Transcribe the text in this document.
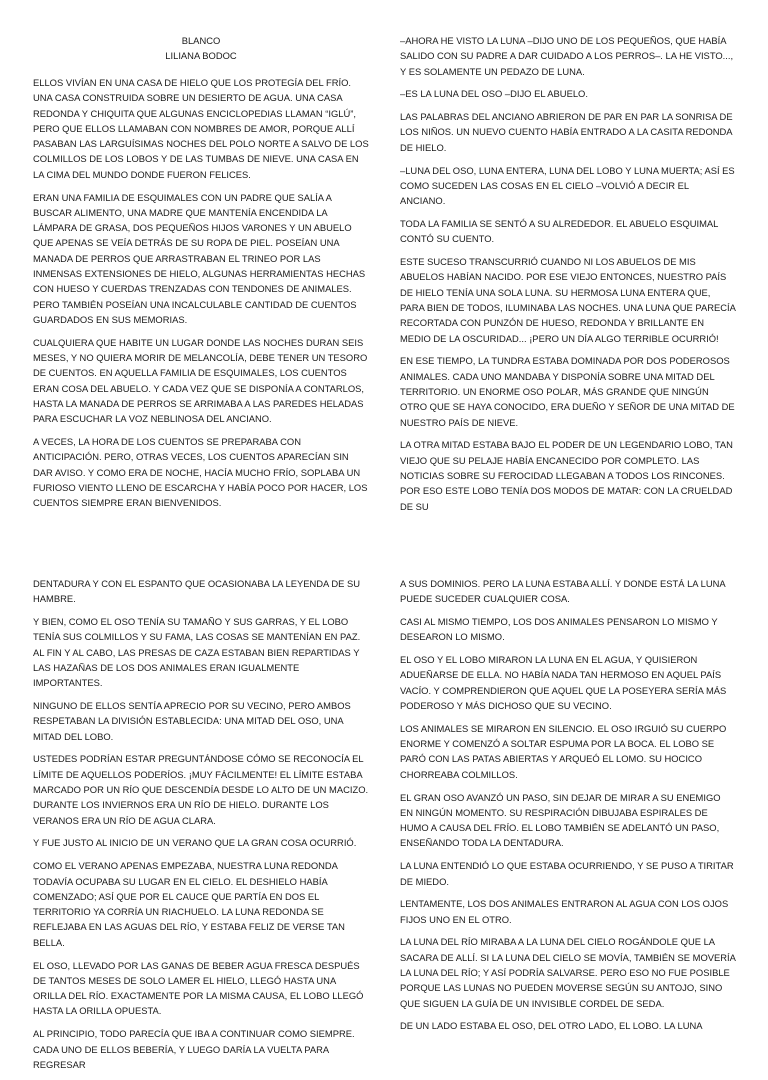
BLANCO

LILIANA BODOC

ELLOS VIVÍAN EN UNA CASA DE HIELO QUE LOS PROTEGÍA DEL FRÍO. UNA CASA CONSTRUIDA SOBRE UN DESIERTO DE AGUA. UNA CASA REDONDA Y CHIQUITA QUE ALGUNAS ENCICLOPEDIAS LLAMAN “IGLÚ”, PERO QUE ELLOS LLAMABAN CON NOMBRES DE AMOR, PORQUE ALLÍ PASABAN LAS LARGUÍSIMAS NOCHES DEL POLO NORTE A SALVO DE LOS COLMILLOS DE LOS LOBOS Y DE LAS TUMBAS DE NIEVE. UNA CASA EN LA CIMA DEL MUNDO DONDE FUERON FELICES.

ERAN UNA FAMILIA DE ESQUIMALES CON UN PADRE QUE SALÍA A BUSCAR ALIMENTO, UNA MADRE QUE MANTENÍA ENCENDIDA LA LÁMPARA DE GRASA, DOS PEQUEÑOS HIJOS VARONES Y UN ABUELO QUE APENAS SE VEÍA DETRÁS DE SU ROPA DE PIEL. POSEÍAN UNA MANADA DE PERROS QUE ARRASTRABAN EL TRINEO POR LAS INMENSAS EXTENSIONES DE HIELO, ALGUNAS HERRAMIENTAS HECHAS CON HUESO Y CUERDAS TRENZADAS CON TENDONES DE ANIMALES. PERO TAMBIÉN POSEÍAN UNA INCALCULABLE CANTIDAD DE CUENTOS GUARDADOS EN SUS MEMORIAS.

CUALQUIERA QUE HABITE UN LUGAR DONDE LAS NOCHES DURAN SEIS MESES, Y NO QUIERA MORIR DE MELANCOLÍA, DEBE TENER UN TESORO DE CUENTOS. EN AQUELLA FAMILIA DE ESQUIMALES, LOS CUENTOS ERAN COSA DEL ABUELO. Y CADA VEZ QUE SE DISPONÍA A CONTARLOS, HASTA LA MANADA DE PERROS SE ARRIMABA A LAS PAREDES HELADAS PARA ESCUCHAR LA VOZ NEBLINOSA DEL ANCIANO.

A VECES, LA HORA DE LOS CUENTOS SE PREPARABA CON ANTICIPACIÓN. PERO, OTRAS VECES, LOS CUENTOS APARECÍAN SIN DAR AVISO. Y COMO ERA DE NOCHE, HACÍA MUCHO FRÍO, SOPLABA UN FURIOSO VIENTO LLENO DE ESCARCHA Y HABÍA POCO POR HACER, LOS CUENTOS SIEMPRE ERAN BIENVENIDOS.

–AHORA HE VISTO LA LUNA –DIJO UNO DE LOS PEQUEÑOS, QUE HABÍA SALIDO CON SU PADRE A DAR CUIDADO A LOS PERROS–. LA HE VISTO..., Y ES SOLAMENTE UN PEDAZO DE LUNA.

–ES LA LUNA DEL OSO –DIJO EL ABUELO.

LAS PALABRAS DEL ANCIANO ABRIERON DE PAR EN PAR LA SONRISA DE LOS NIÑOS. UN NUEVO CUENTO HABÍA ENTRADO A LA CASITA REDONDA DE HIELO.

–LUNA DEL OSO, LUNA ENTERA, LUNA DEL LOBO Y LUNA MUERTA; ASÍ ES COMO SUCEDEN LAS COSAS EN EL CIELO –VOLVIÓ A DECIR EL ANCIANO.

TODA LA FAMILIA SE SENTÓ A SU ALREDEDOR. EL ABUELO ESQUIMAL CONTÓ SU CUENTO.

ESTE SUCESO TRANSCURRIÓ CUANDO NI LOS ABUELOS DE MIS ABUELOS HABÍAN NACIDO. POR ESE VIEJO ENTONCES, NUESTRO PAÍS DE HIELO TENÍA UNA SOLA LUNA. SU HERMOSA LUNA ENTERA QUE, PARA BIEN DE TODOS, ILUMINABA LAS NOCHES. UNA LUNA QUE PARECÍA RECORTADA CON PUNZÓN DE HUESO, REDONDA Y BRILLANTE EN MEDIO DE LA OSCURIDAD... ¡PERO UN DÍA ALGO TERRIBLE OCURRIÓ!

EN ESE TIEMPO, LA TUNDRA ESTABA DOMINADA POR DOS PODEROSOS ANIMALES. CADA UNO MANDABA Y DISPONÍA SOBRE UNA MITAD DEL TERRITORIO. UN ENORME OSO POLAR, MÁS GRANDE QUE NINGÚN OTRO QUE SE HAYA CONOCIDO, ERA DUEÑO Y SEÑOR DE UNA MITAD DE NUESTRO PAÍS DE NIEVE.

LA OTRA MITAD ESTABA BAJO EL PODER DE UN LEGENDARIO LOBO, TAN VIEJO QUE SU PELAJE HABÍA ENCANECIDO POR COMPLETO. LAS NOTICIAS SOBRE SU FEROCIDAD LLEGABAN A TODOS LOS RINCONES. POR ESO ESTE LOBO TENÍA DOS MODOS DE MATAR: CON LA CRUELDAD DE SU

DENTADURA Y CON EL ESPANTO QUE OCASIONABA LA LEYENDA DE SU HAMBRE.

Y BIEN, COMO EL OSO TENÍA SU TAMAÑO Y SUS GARRAS, Y EL LOBO TENÍA SUS COLMILLOS Y SU FAMA, LAS COSAS SE MANTENÍAN EN PAZ. AL FIN Y AL CABO, LAS PRESAS DE CAZA ESTABAN BIEN REPARTIDAS Y LAS HAZAÑAS DE LOS DOS ANIMALES ERAN IGUALMENTE IMPORTANTES.

NINGUNO DE ELLOS SENTÍA APRECIO POR SU VECINO, PERO AMBOS RESPETABAN LA DIVISIÓN ESTABLECIDA: UNA MITAD DEL OSO, UNA MITAD DEL LOBO.

USTEDES PODRÍAN ESTAR PREGUNTÁNDOSE CÓMO SE RECONOCÍA EL LÍMITE DE AQUELLOS PODERÍOS. ¡MUY FÁCILMENTE! EL LÍMITE ESTABA MARCADO POR UN RÍO QUE DESCENDÍA DESDE LO ALTO DE UN MACIZO. DURANTE LOS INVIERNOS ERA UN RÍO DE HIELO. DURANTE LOS VERANOS ERA UN RÍO DE AGUA CLARA.

Y FUE JUSTO AL INICIO DE UN VERANO QUE LA GRAN COSA OCURRIÓ.

COMO EL VERANO APENAS EMPEZABA, NUESTRA LUNA REDONDA TODAVÍA OCUPABA SU LUGAR EN EL CIELO. EL DESHIELO HABÍA COMENZADO; ASÍ QUE POR EL CAUCE QUE PARTÍA EN DOS EL TERRITORIO YA CORRÍA UN RIACHUELO. LA LUNA REDONDA SE REFLEJABA EN LAS AGUAS DEL RÍO, Y ESTABA FELIZ DE VERSE TAN BELLA.

EL OSO, LLEVADO POR LAS GANAS DE BEBER AGUA FRESCA DESPUÉS DE TANTOS MESES DE SOLO LAMER EL HIELO, LLEGÓ HASTA UNA ORILLA DEL RÍO. EXACTAMENTE POR LA MISMA CAUSA, EL LOBO LLEGÓ HASTA LA ORILLA OPUESTA.

AL PRINCIPIO, TODO PARECÍA QUE IBA A CONTINUAR COMO SIEMPRE. CADA UNO DE ELLOS BEBERÍA, Y LUEGO DARÍA LA VUELTA PARA REGRESAR

A SUS DOMINIOS. PERO LA LUNA ESTABA ALLÍ. Y DONDE ESTÁ LA LUNA PUEDE SUCEDER CUALQUIER COSA.

CASI AL MISMO TIEMPO, LOS DOS ANIMALES PENSARON LO MISMO Y DESEARON LO MISMO.

EL OSO Y EL LOBO MIRARON LA LUNA EN EL AGUA, Y QUISIERON ADUEÑARSE DE ELLA. NO HABÍA NADA TAN HERMOSO EN AQUEL PAÍS VACÍO. Y COMPRENDIERON QUE AQUEL QUE LA POSEYERA SERÍA MÁS PODEROSO Y MÁS DICHOSO QUE SU VECINO.

LOS ANIMALES SE MIRARON EN SILENCIO. EL OSO IRGUIÓ SU CUERPO ENORME Y COMENZÓ A SOLTAR ESPUMA POR LA BOCA. EL LOBO SE PARÓ CON LAS PATAS ABIERTAS Y ARQUEÓ EL LOMO. SU HOCICO CHORREABA COLMILLOS.

EL GRAN OSO AVANZÓ UN PASO, SIN DEJAR DE MIRAR A SU ENEMIGO EN NINGÚN MOMENTO. SU RESPIRACIÓN DIBUJABA ESPIRALES DE HUMO A CAUSA DEL FRÍO. EL LOBO TAMBIÉN SE ADELANTÓ UN PASO, ENSEÑANDO TODA LA DENTADURA.

LA LUNA ENTENDIÓ LO QUE ESTABA OCURRIENDO, Y SE PUSO A TIRITAR DE MIEDO.

LENTAMENTE, LOS DOS ANIMALES ENTRARON AL AGUA CON LOS OJOS FIJOS UNO EN EL OTRO.

LA LUNA DEL RÍO MIRABA A LA LUNA DEL CIELO ROGÁNDOLE QUE LA SACARA DE ALLÍ. SI LA LUNA DEL CIELO SE MOVÍA, TAMBIÉN SE MOVERÍA LA LUNA DEL RÍO; Y ASÍ PODRÍA SALVARSE. PERO ESO NO FUE POSIBLE PORQUE LAS LUNAS NO PUEDEN MOVERSE SEGÚN SU ANTOJO, SINO QUE SIGUEN LA GUÍA DE UN INVISIBLE CORDEL DE SEDA.

DE UN LADO ESTABA EL OSO, DEL OTRO LADO, EL LOBO. LA LUNA
